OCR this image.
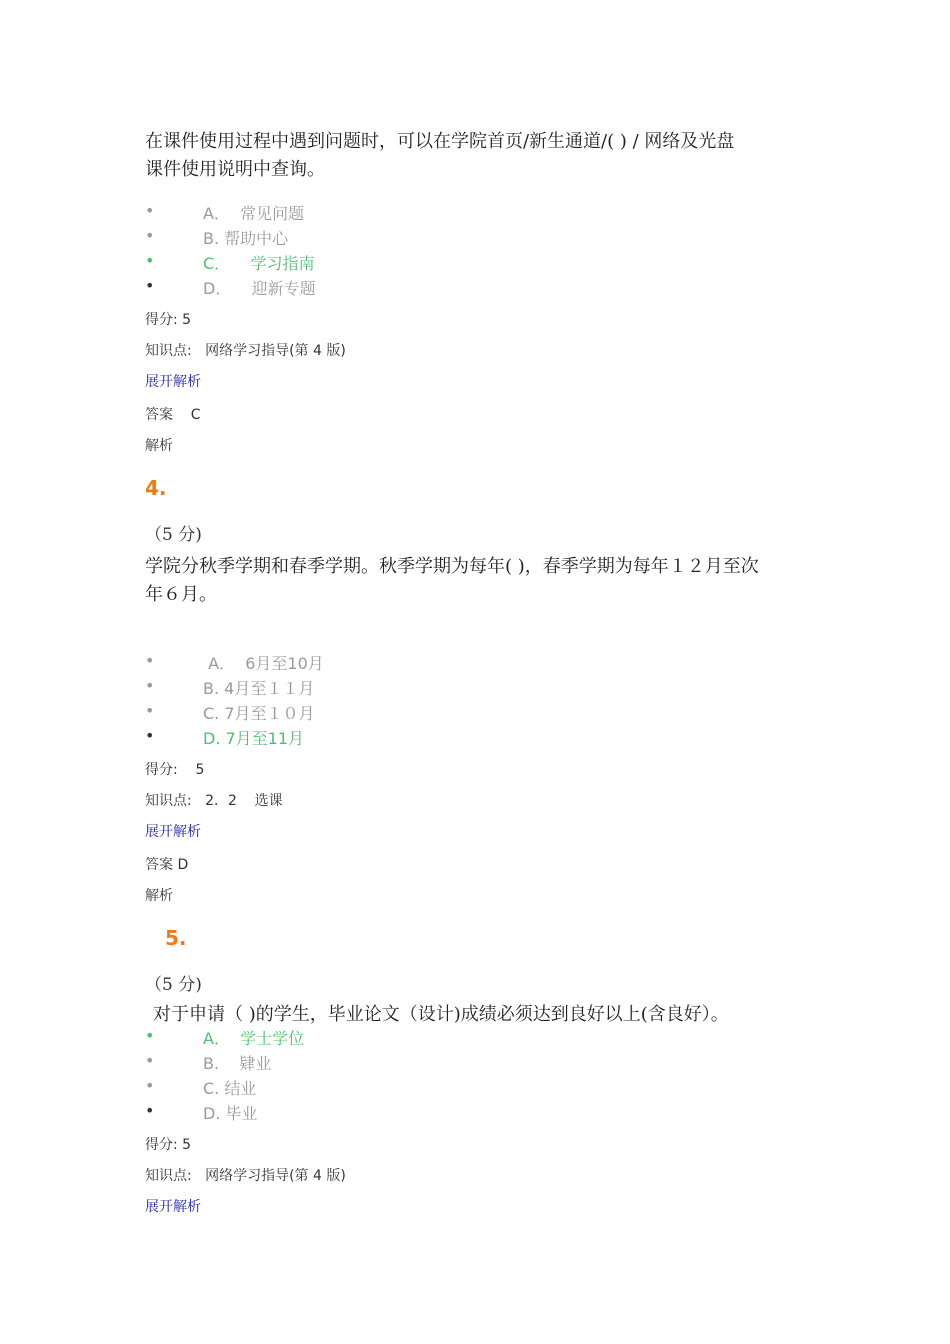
在课件使用过程中遇到问题时，可以在学院首页/新生通道/( ) / 网络及光盘
课件使用说明中查询。
•	A．  常见问题
•	B. 帮助中心
•	C．    学习指南
•	D．    迎新专题
得分: 5
知识点:   网络学习指导(第 4 版)
展开解析
答案    C
解析
4.
（5 分)
学院分秋季学期和春季学期。秋季学期为每年( )，春季学期为每年１２月至次
年６月。
•	A．  6月至10月
•	B. 4月至１１月
•	C. 7月至１０月
•	D. 7月至11月
得分:    5
知识点:   2．2    选课
展开解析
答案 D
解析
5.
（5 分)
对于申请（ )的学生，毕业论文（设计)成绩必须达到良好以上(含良好）。
•	A．  学士学位
•	B.    肄业
•	C. 结业
•	D. 毕业
得分: 5
知识点:   网络学习指导(第 4 版)
展开解析
